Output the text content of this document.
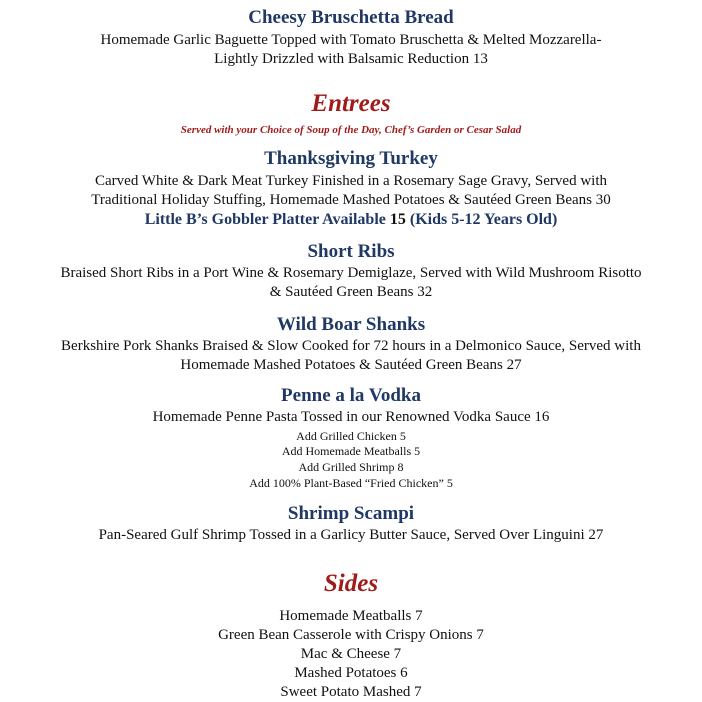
Cheesy Bruschetta Bread
Homemade Garlic Baguette Topped with Tomato Bruschetta & Melted Mozzarella-
Lightly Drizzled with Balsamic Reduction 13
Entrees
Served with your Choice of Soup of the Day, Chef’s Garden or Cesar Salad
Thanksgiving Turkey
Carved White & Dark Meat Turkey Finished in a Rosemary Sage Gravy, Served with
Traditional Holiday Stuffing, Homemade Mashed Potatoes & Sautéed Green Beans 30
Little B’s Gobbler Platter Available 15 (Kids 5-12 Years Old)
Short Ribs
Braised Short Ribs in a Port Wine & Rosemary Demiglaze, Served with Wild Mushroom Risotto
& Sautéed Green Beans 32
Wild Boar Shanks
Berkshire Pork Shanks Braised & Slow Cooked for 72 hours in a Delmonico Sauce, Served with
Homemade Mashed Potatoes & Sautéed Green Beans 27
Penne a la Vodka
Homemade Penne Pasta Tossed in our Renowned Vodka Sauce 16
Add Grilled Chicken 5
Add Homemade Meatballs 5
Add Grilled Shrimp 8
Add 100% Plant-Based “Fried Chicken” 5
Shrimp Scampi
Pan-Seared Gulf Shrimp Tossed in a Garlicy Butter Sauce, Served Over Linguini 27
Sides
Homemade Meatballs 7
Green Bean Casserole with Crispy Onions 7
Mac & Cheese 7
Mashed Potatoes 6
Sweet Potato Mashed 7
